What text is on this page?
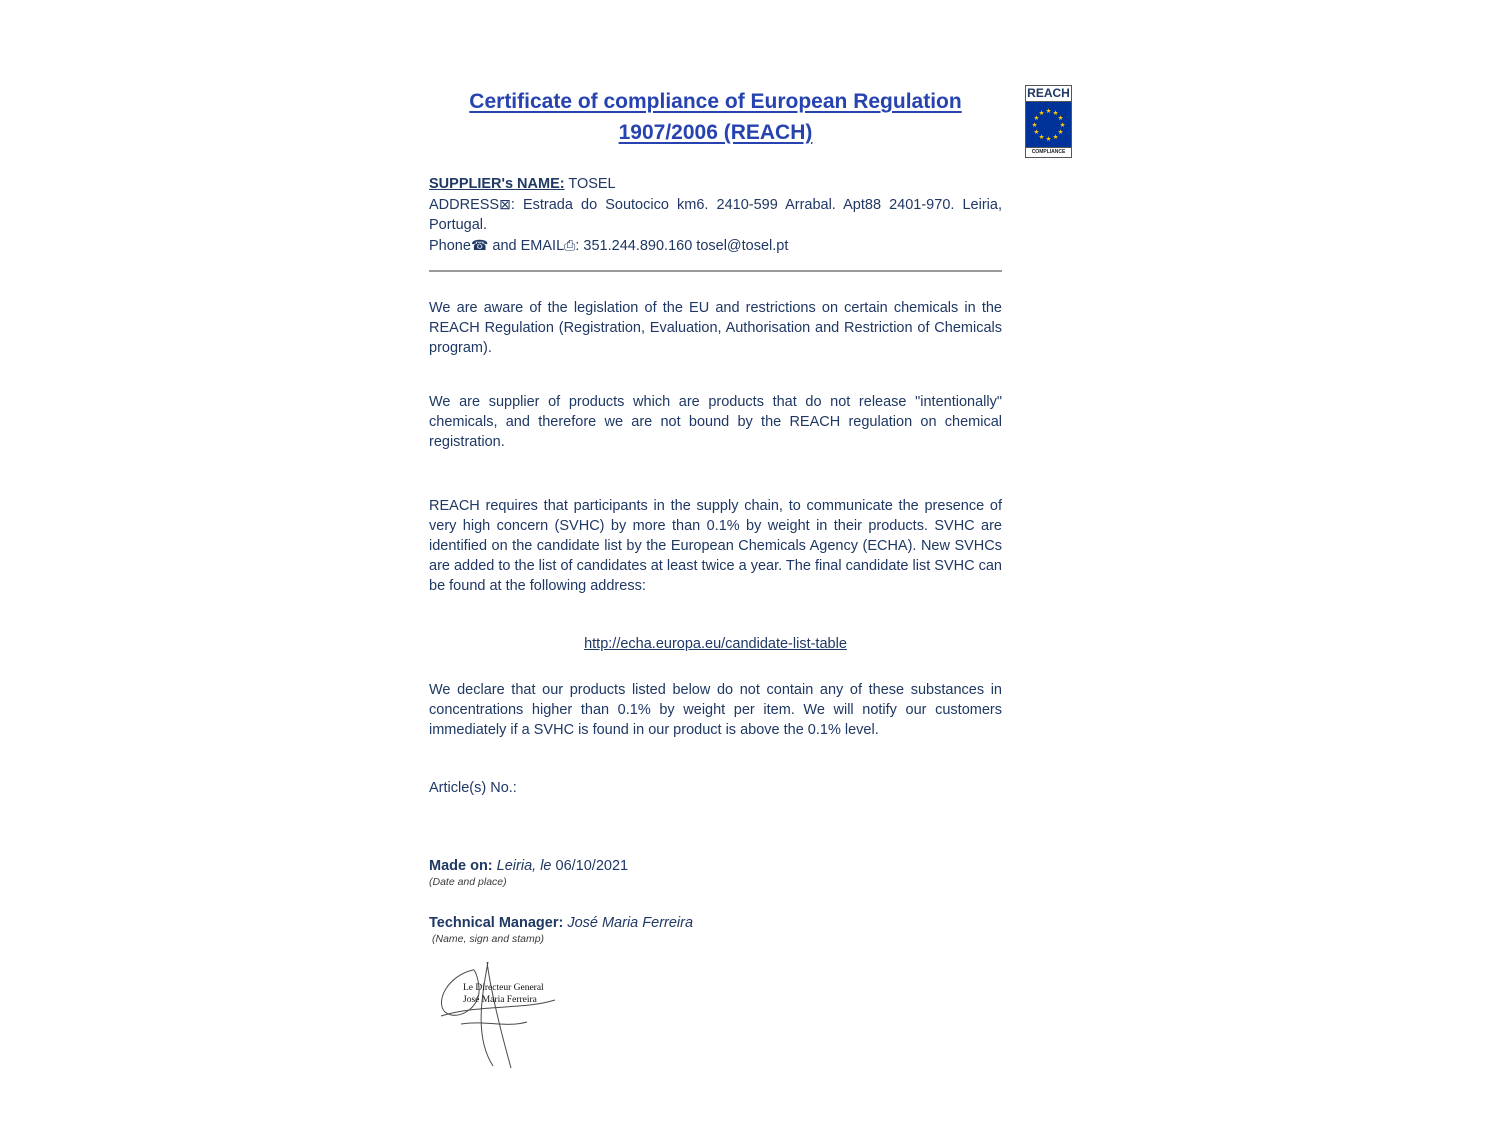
REACH
★ ★
★
★
★
★
★
★
★
★
★
★
COMPLIANCE
Certificate of compliance of European Regulation
1907/2006 (REACH)

SUPPLIER's NAME: TOSEL

ADDRESS⊠: Estrada do Soutocico km6. 2410-599 Arrabal. Apt88 2401-970. Leiria, Portugal.

Phone☎ and EMAIL⎙: 351.244.890.160 tosel@tosel.pt

We are aware of the legislation of the EU and restrictions on certain chemicals in the REACH Regulation (Registration, Evaluation, Authorisation and Restriction of Chemicals program).

We are supplier of products which are products that do not release "intentionally" chemicals, and therefore we are not bound by the REACH regulation on chemical registration.

REACH requires that participants in the supply chain, to communicate the presence of very high concern (SVHC) by more than 0.1% by weight in their products. SVHC are identified on the candidate list by the European Chemicals Agency (ECHA). New SVHCs are added to the list of candidates at least twice a year. The final candidate list SVHC can be found at the following address:

http://echa.europa.eu/candidate-list-table

We declare that our products listed below do not contain any of these substances in concentrations higher than 0.1% by weight per item. We will notify our customers immediately if a SVHC is found in our product is above the 0.1% level.

Article(s) No.:

Made on: Leiria, le 06/10/2021

(Date and place)

Technical Manager: José Maria Ferreira

(Name, sign and stamp)

Le Directeur General
José Maria Ferreira
